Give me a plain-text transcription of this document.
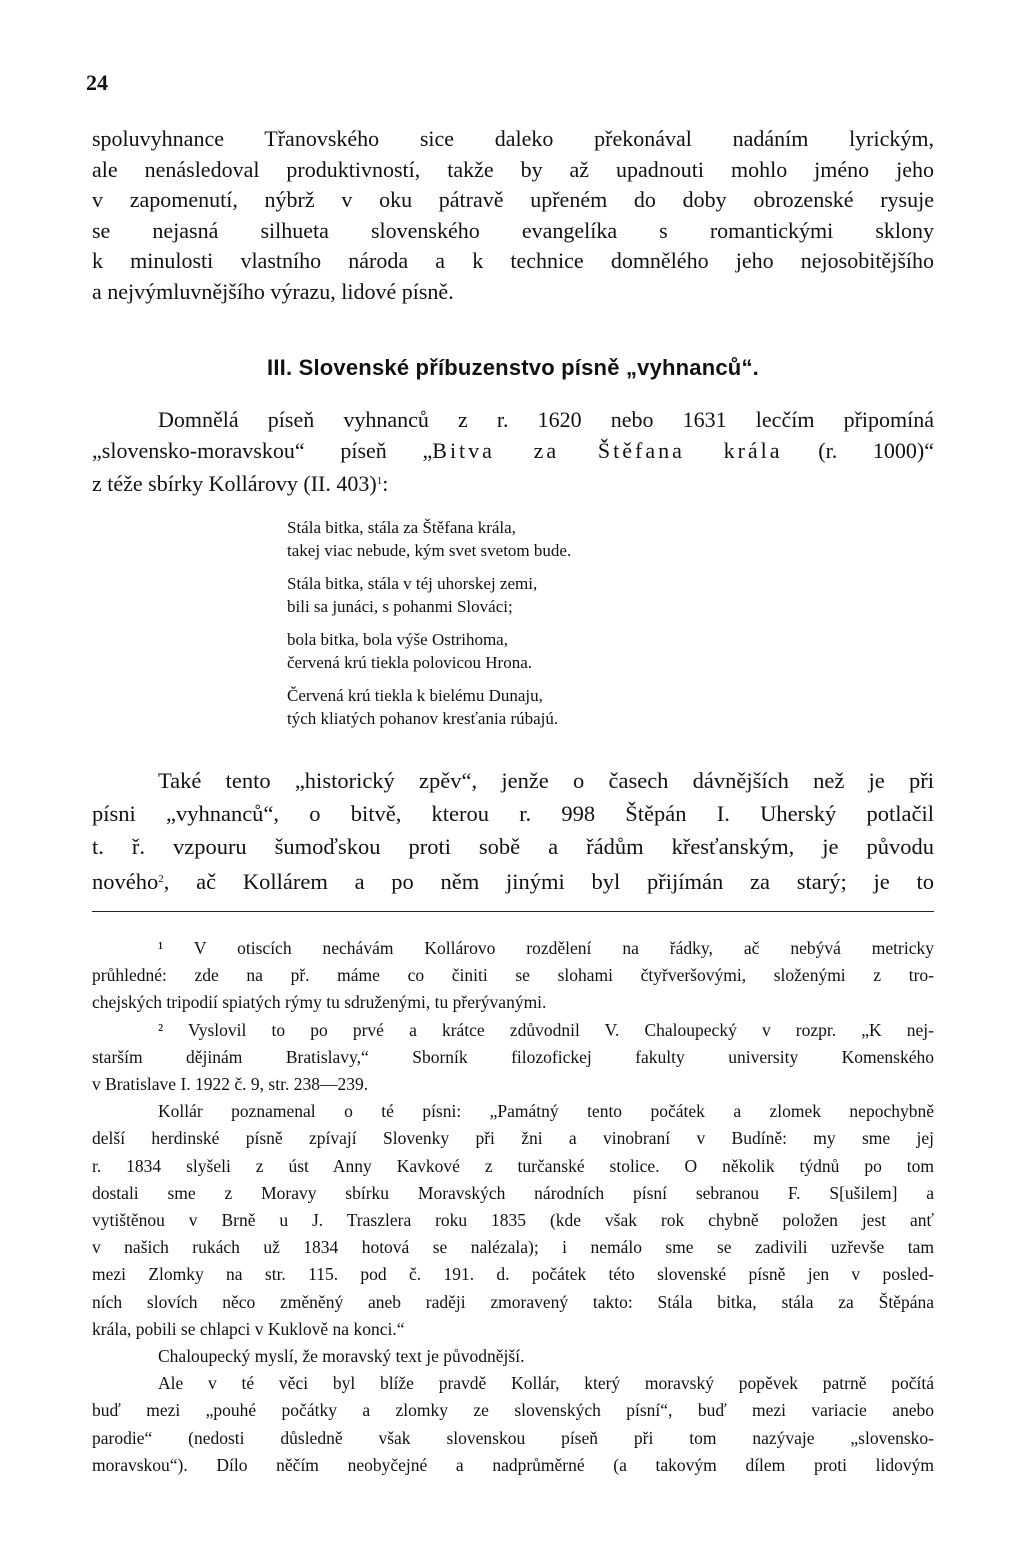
24
spoluvyhnance Třanovského sice daleko překonával nadáním lyrickým,
ale nenásledoval produktivností, takže by až upadnouti mohlo jméno jeho
v zapomenutí, nýbrž v oku pátravě upřeném do doby obrozenské rysuje
se nejasná silhueta slovenského evangelíka s romantickými sklony
k minulosti vlastního národa a k technice domnělého jeho nejosobitějšího
a nejvýmluvnějšího výrazu, lidové písně.
III. Slovenské příbuzenstvo písně „vyhnanců“.
Domnělá píseň vyhnanců z r. 1620 nebo 1631 lecčím připomíná
„slovensko-moravskou“ píseň „Bitva za Štěfana krála (r. 1000)“
z téže sbírky Kollárovy (II. 403)$^1$:
Stála bitka, stála za Štěfana krála,
takej viac nebude, kým svet svetom bude.
Stála bitka, stála v téj uhorskej zemi,
bili sa junáci, s pohanmi Slováci;
bola bitka, bola výše Ostrihoma,
červená krú tiekla polovicou Hrona.
Červená krú tiekla k bielému Dunaju,
tých kliatých pohanov kresťania rúbajú.
Také tento „historický zpěv“, jenže o časech dávnějších než je při
písni „vyhnanců“, o bitvě, kterou r. 998 Štěpán I. Uherský potlačil
t. ř. vzpouru šumoďskou proti sobě a řádům křesťanským, je původu
nového$^2$, ač Kollárem a po něm jinými byl přijímán za starý; je to
¹ V otiscích nechávám Kollárovo rozdělení na řádky, ač nebývá metricky
průhledné: zde na př. máme co činiti se slohami čtyřveršovými, složenými z tro-
chejských tripodií spiatých rýmy tu sdruženými, tu přerývanými.
² Vyslovil to po prvé a krátce zdůvodnil V. Chaloupecký v rozpr. „K nej-
starším dějinám Bratislavy,“ Sborník filozofickej fakulty university Komenského
v Bratislave I. 1922 č. 9, str. 238—239.
Kollár poznamenal o té písni: „Památný tento počátek a zlomek nepochybně
delší herdinské písně zpívají Slovenky při žni a vinobraní v Budíně: my sme jej
r. 1834 slyšeli z úst Anny Kavkové z turčanské stolice. O několik týdnů po tom
dostali sme z Moravy sbírku Moravských národních písní sebranou F. S[ušilem] a
vytištěnou v Brně u J. Traszlera roku 1835 (kde však rok chybně položen jest anť
v našich rukách už 1834 hotová se nalézala); i nemálo sme se zadivili uzřevše tam
mezi Zlomky na str. 115. pod č. 191. d. počátek této slovenské písně jen v posled-
ních slovích něco změněný aneb raději zmoravený takto: Stála bitka, stála za Štěpána
krála, pobili se chlapci v Kuklově na konci.“
Chaloupecký myslí, že moravský text je původnější.
Ale v té věci byl blíže pravdě Kollár, který moravský popěvek patrně počítá
buď mezi „pouhé počátky a zlomky ze slovenských písní“, buď mezi variacie anebo
parodie“ (nedosti důsledně však slovenskou píseň při tom nazývaje „slovensko-
moravskou“). Dílo něčím neobyčejné a nadprůměrné (a takovým dílem proti lidovým
